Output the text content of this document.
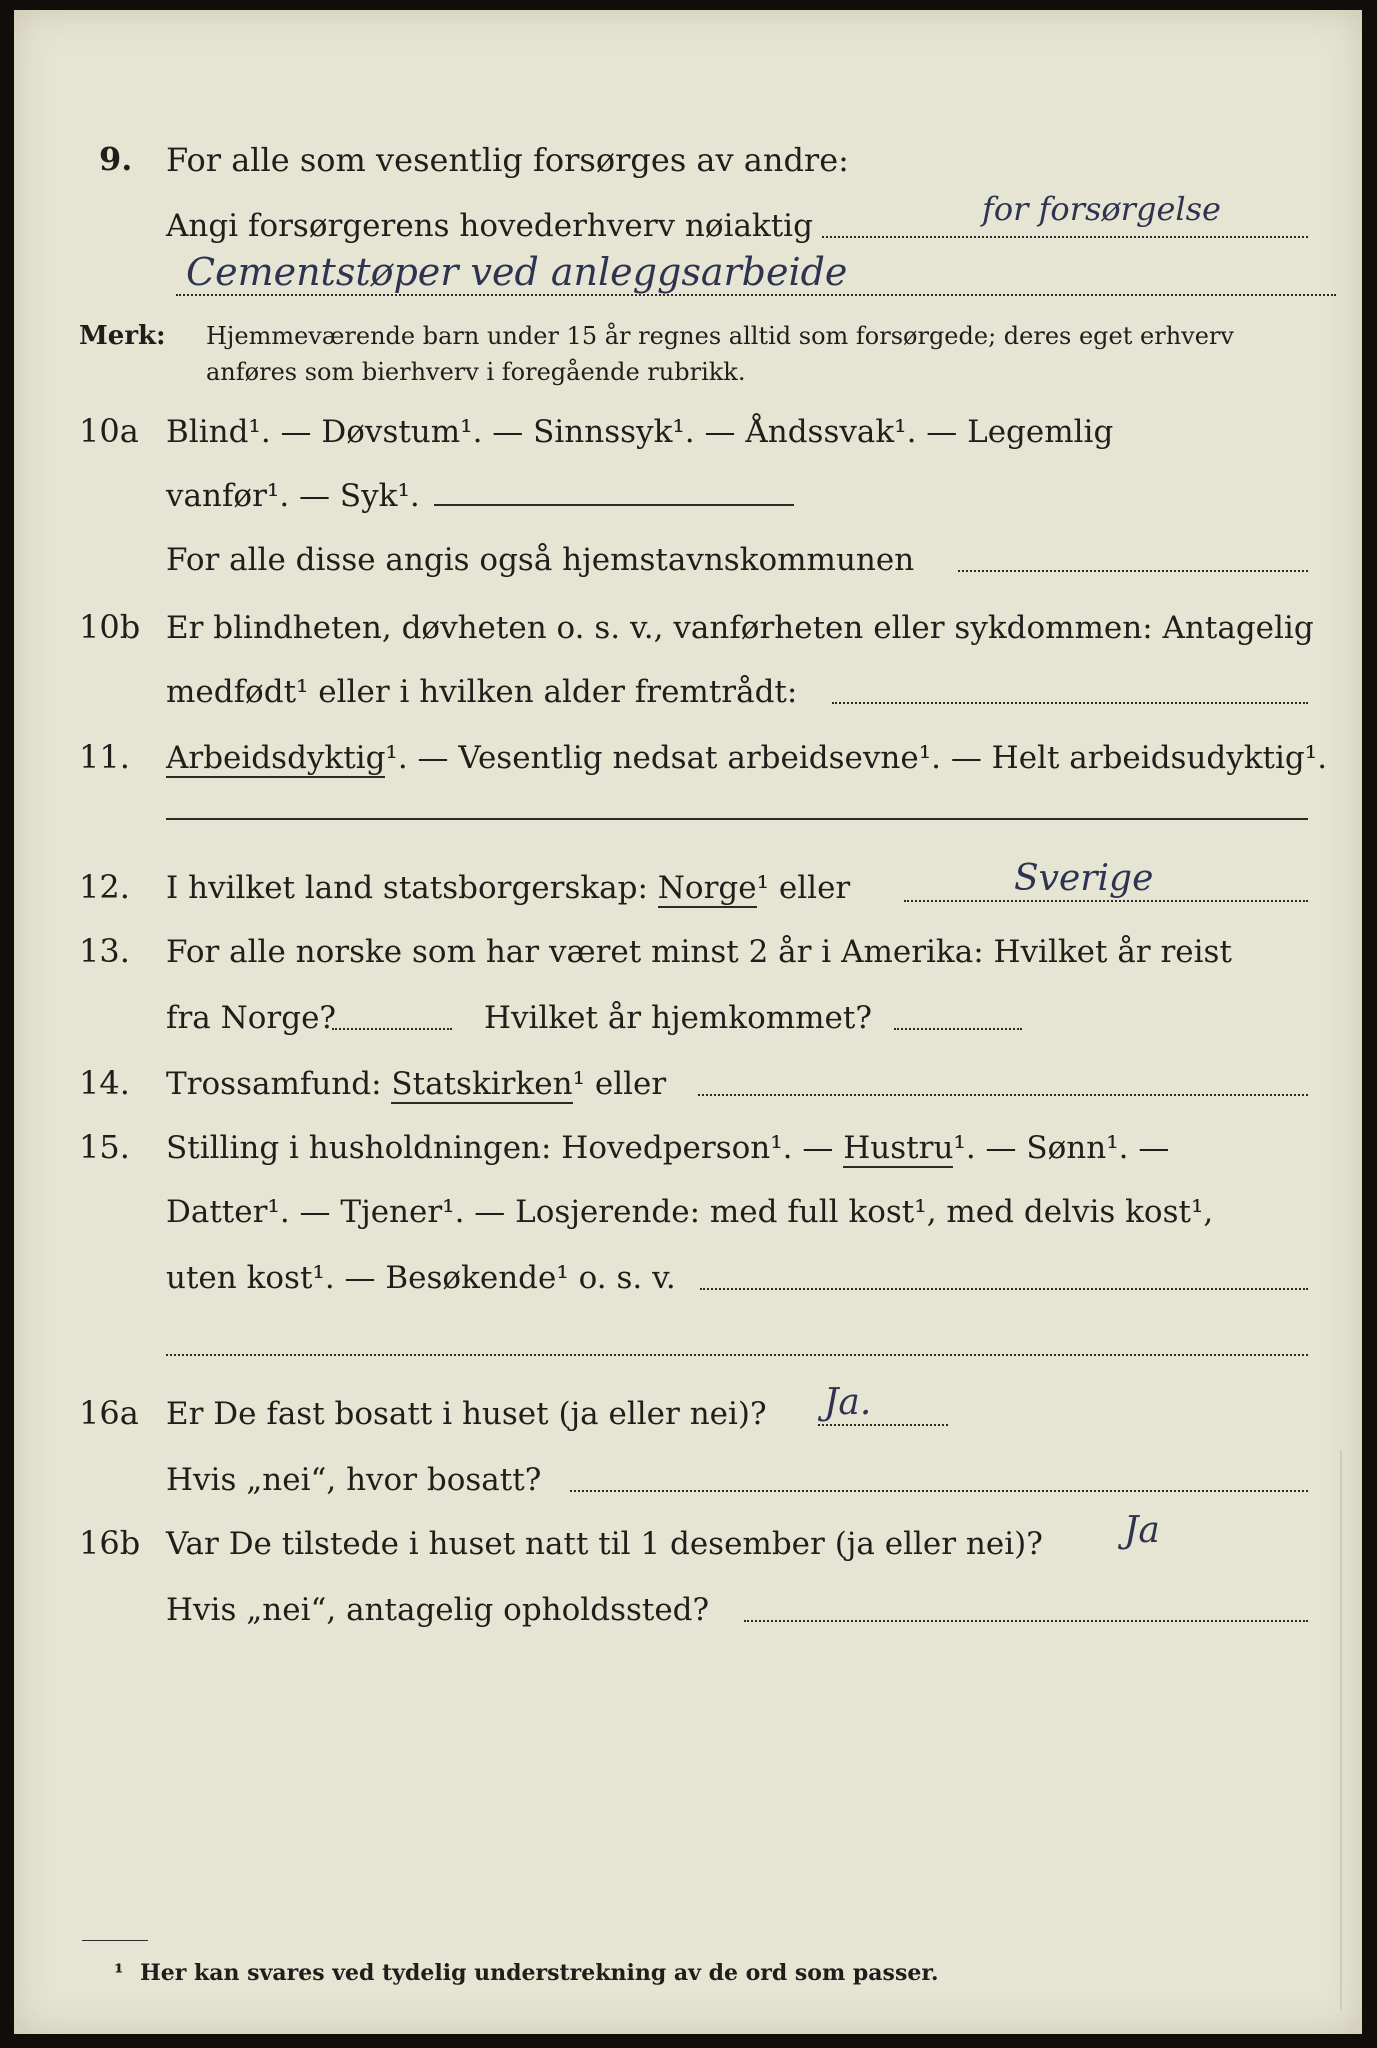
9. For alle som vesentlig forsørges av andre:
Angi forsørgerens hovederhverv nøiaktig	for forsørgelse
Cementstøper ved anleggsarbeide
Merk: Hjemmeværende barn under 15 år regnes alltid som forsørgede; deres eget erhverv
anføres som bierhverv i foregående rubrikk.
10a Blind¹. — Døvstum¹. — Sinnssyk¹. — Åndssvak¹. — Legemlig
vanfør¹. — Syk¹.
For alle disse angis også hjemstavnskommunen
10b Er blindheten, døvheten o. s. v., vanførheten eller sykdommen: Antagelig
medfødt¹ eller i hvilken alder fremtrådt:
11. Arbeidsdyktig¹. — Vesentlig nedsat arbeidsevne¹. — Helt arbeidsudyktig¹.
12. I hvilket land statsborgerskap: Norge¹ eller	Sverige
13. For alle norske som har været minst 2 år i Amerika: Hvilket år reist
fra Norge?	Hvilket år hjemkommet?
14. Trossamfund: Statskirken¹ eller
15. Stilling i husholdningen: Hovedperson¹. — Hustru¹. — Sønn¹. —
Datter¹. — Tjener¹. — Losjerende: med full kost¹, med delvis kost¹,
uten kost¹. — Besøkende¹ o. s. v.
16a Er De fast bosatt i huset (ja eller nei)? Ja.
Hvis „nei“, hvor bosatt?
16b Var De tilstede i huset natt til 1 desember (ja eller nei)? Ja
Hvis „nei“, antagelig opholdssted?
¹ Her kan svares ved tydelig understrekning av de ord som passer.
